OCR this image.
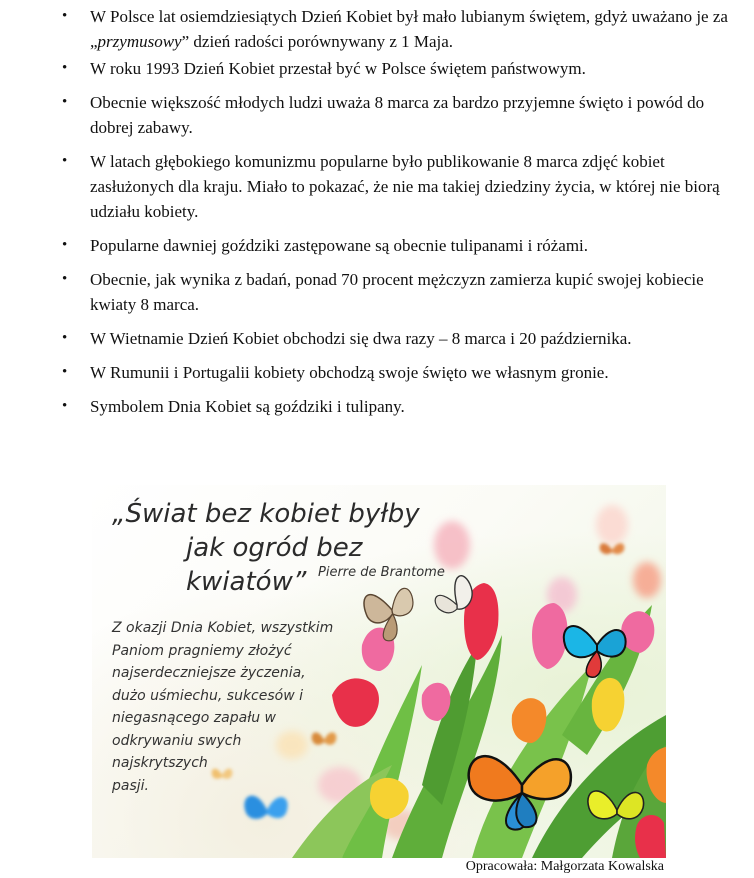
• W Polsce lat osiemdziesiątych Dzień Kobiet był mało lubianym świętem, gdyż uważano je za „przymusowy” dzień radości porównywany z 1 Maja.
• W roku 1993 Dzień Kobiet przestał być w Polsce świętem państwowym.
• Obecnie większość młodych ludzi uważa 8 marca za bardzo przyjemne święto i powód do dobrej zabawy.
• W latach głębokiego komunizmu popularne było publikowanie 8 marca zdjęć kobiet zasłużonych dla kraju. Miało to pokazać, że nie ma takiej dziedziny życia, w której nie biorą udziału kobiety.
• Popularne dawniej goździki zastępowane są obecnie tulipanami i różami.
• Obecnie, jak wynika z badań, ponad 70 procent mężczyzn zamierza kupić swojej kobiecie kwiaty 8 marca.
• W Wietnamie Dzień Kobiet obchodzi się dwa razy – 8 marca i 20 października.
• W Rumunii i Portugalii kobiety obchodzą swoje święto we własnym gronie.
• Symbolem Dnia Kobiet są goździki i tulipany.
„Świat bez kobiet byłby
jak ogród bez kwiatów” Pierre de Brantome
Z okazji Dnia Kobiet, wszystkim
Paniom pragniemy złożyć
najserdeczniejsze życzenia,
dużo uśmiechu, sukcesów i
niegasnącego zapału w
odkrywaniu swych
najskrytszych
pasji.
Opracowała: Małgorzata Kowalska
